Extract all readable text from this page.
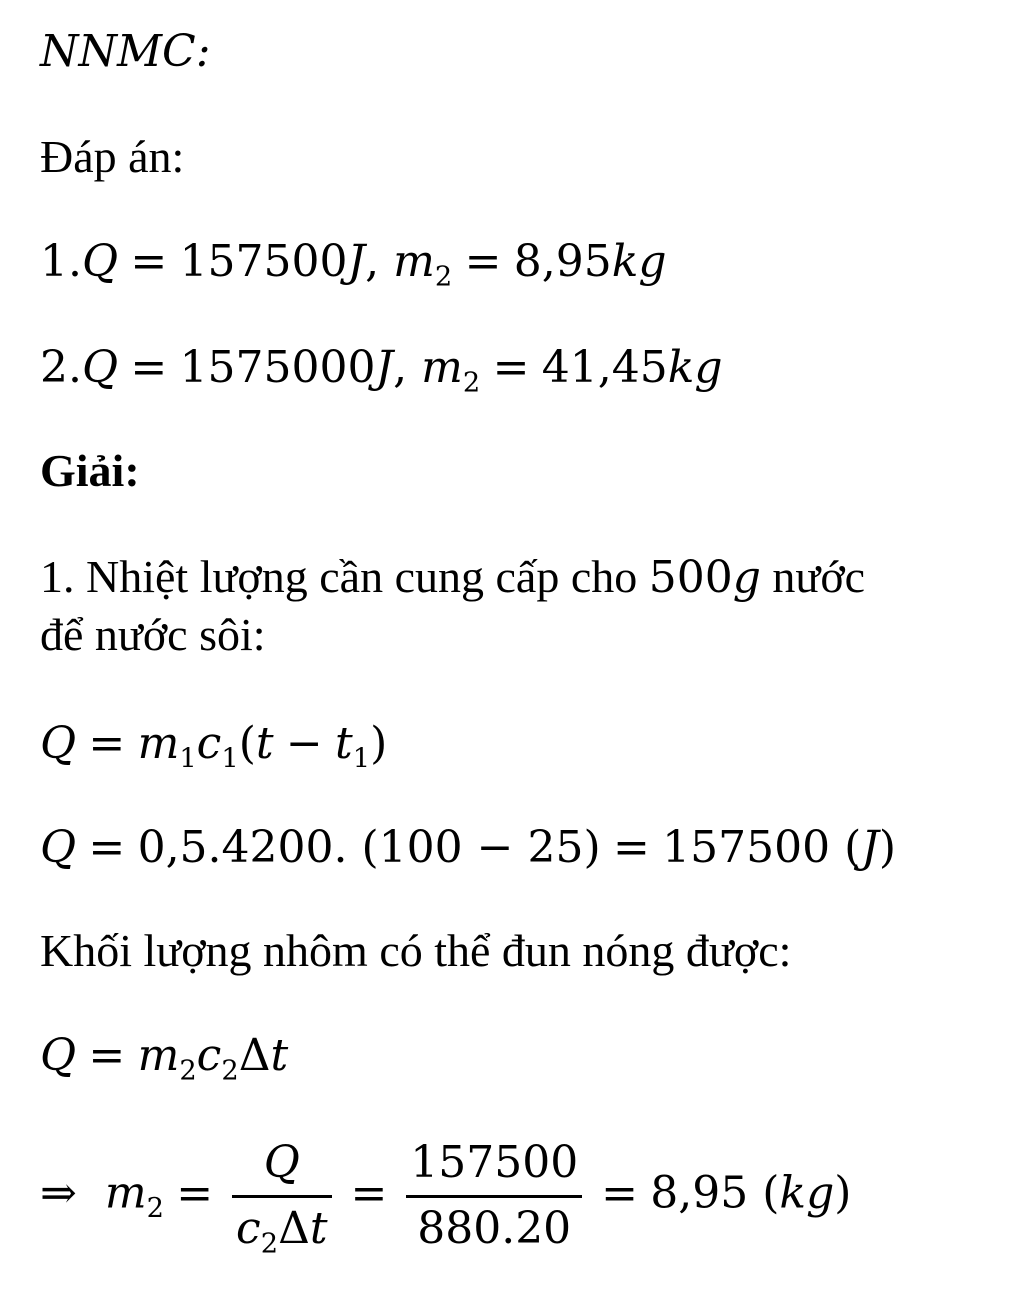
NNMC:
Đáp án:
1.Q = 157500J, $m_2 = 8,95kg$
2.Q = 1575000J, $m_2 = 41,45kg$
Giải:
1. Nhiệt lượng cần cung cấp cho 500g nước
để nước sôi:
$Q = m_1c_1(t - t_1)$
Q = 0,5.4200. (100 − 25) = 157500 (J)
Khối lượng nhôm có thể đun nóng được:
$Q = m_2c_2\Delta t$
⇒ $m_2 = \frac{Q}{c_2\Delta t} = \frac{157500}{880.20} = 8,95$ (kg)
